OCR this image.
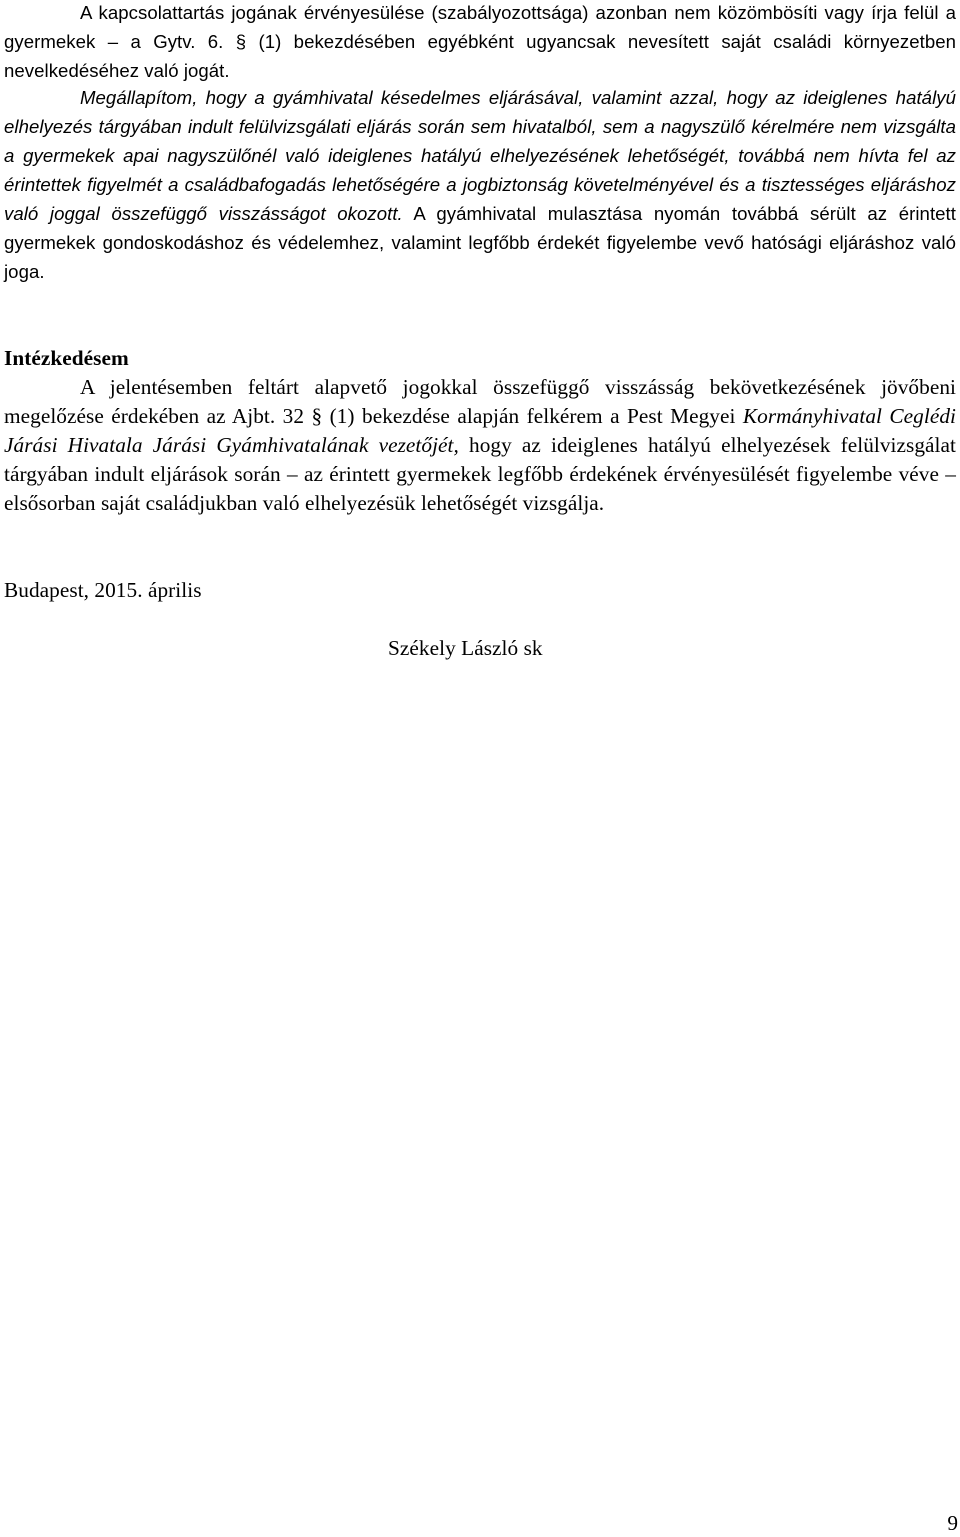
A kapcsolattartás jogának érvényesülése (szabályozottsága) azonban nem közömbösíti vagy írja felül a gyermekek – a Gytv. 6. § (1) bekezdésében egyébként ugyancsak nevesített saját családi környezetben nevelkedéséhez való jogát.

Megállapítom, hogy a gyámhivatal késedelmes eljárásával, valamint azzal, hogy az ideiglenes hatályú elhelyezés tárgyában indult felülvizsgálati eljárás során sem hivatalból, sem a nagyszülő kérelmére nem vizsgálta a gyermekek apai nagyszülőnél való ideiglenes hatályú elhelyezésének lehetőségét, továbbá nem hívta fel az érintettek figyelmét a családbafogadás lehetőségére a jogbiztonság követelményével és a tisztességes eljáráshoz való joggal összefüggő visszásságot okozott. A gyámhivatal mulasztása nyomán továbbá sérült az érintett gyermekek gondoskodáshoz és védelemhez, valamint legfőbb érdekét figyelembe vevő hatósági eljáráshoz való joga.

Intézkedésem

A jelentésemben feltárt alapvető jogokkal összefüggő visszásság bekövetkezésének jövőbeni megelőzése érdekében az Ajbt. 32 § (1) bekezdése alapján felkérem a Pest Megyei Kormányhivatal Ceglédi Járási Hivatala Járási Gyámhivatalának vezetőjét, hogy az ideiglenes hatályú elhelyezések felülvizsgálat tárgyában indult eljárások során – az érintett gyermekek legfőbb érdekének érvényesülését figyelembe véve – elsősorban saját családjukban való elhelyezésük lehetőségét vizsgálja.

Budapest, 2015. április

Székely László sk

9
